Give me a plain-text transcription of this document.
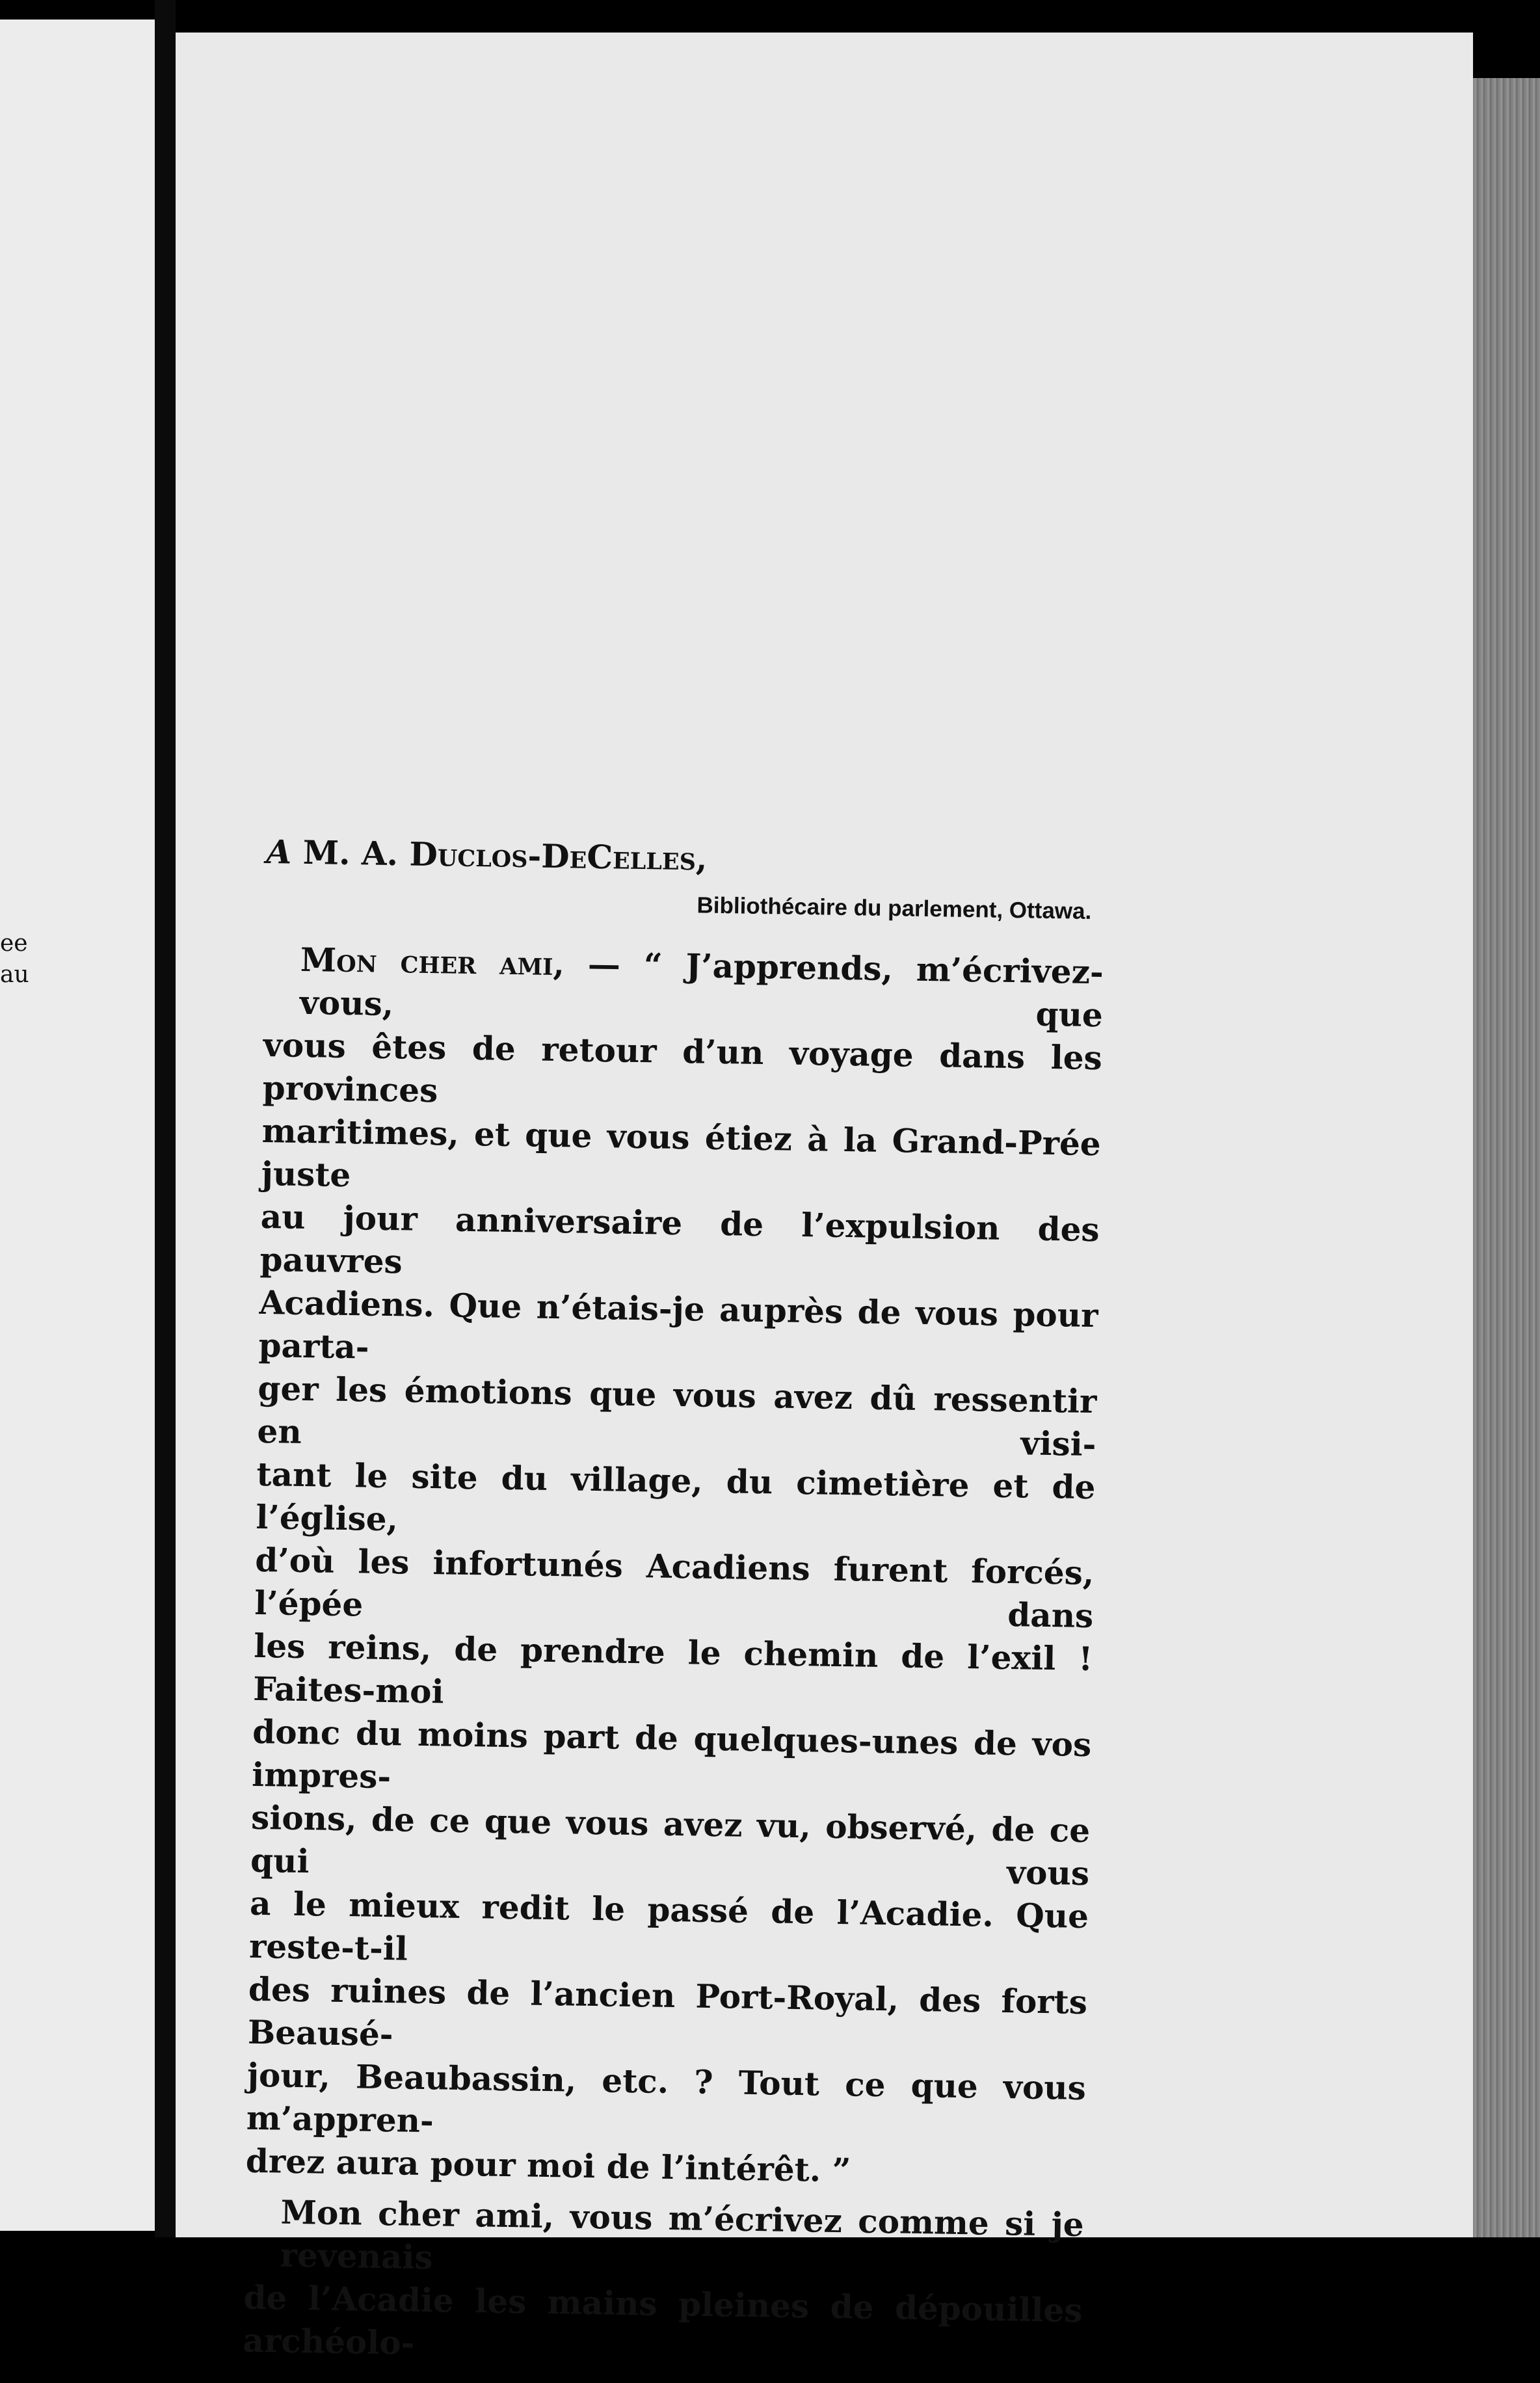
ee
au

A M. A. Duclos-DeCelles,

Bibliothécaire du parlement, Ottawa.

Mon cher ami, — “ J’apprends, m’écrivez-vous, que
vous êtes de retour d’un voyage dans les provinces
maritimes, et que vous étiez à la Grand-Prée juste
au jour anniversaire de l’expulsion des pauvres
Acadiens. Que n’étais-je auprès de vous pour parta-
ger les émotions que vous avez dû ressentir en visi-
tant le site du village, du cimetière et de l’église,
d’où les infortunés Acadiens furent forcés, l’épée dans
les reins, de prendre le chemin de l’exil ! Faites-moi
donc du moins part de quelques-unes de vos impres-
sions, de ce que vous avez vu, observé, de ce qui vous
a le mieux redit le passé de l’Acadie. Que reste-t-il
des ruines de l’ancien Port-Royal, des forts Beausé-
jour, Beaubassin, etc. ? Tout ce que vous m’appren-
drez aura pour moi de l’intérêt. ”
Mon cher ami, vous m’écrivez comme si je revenais
de l’Acadie les mains pleines de dépouilles archéolo-
